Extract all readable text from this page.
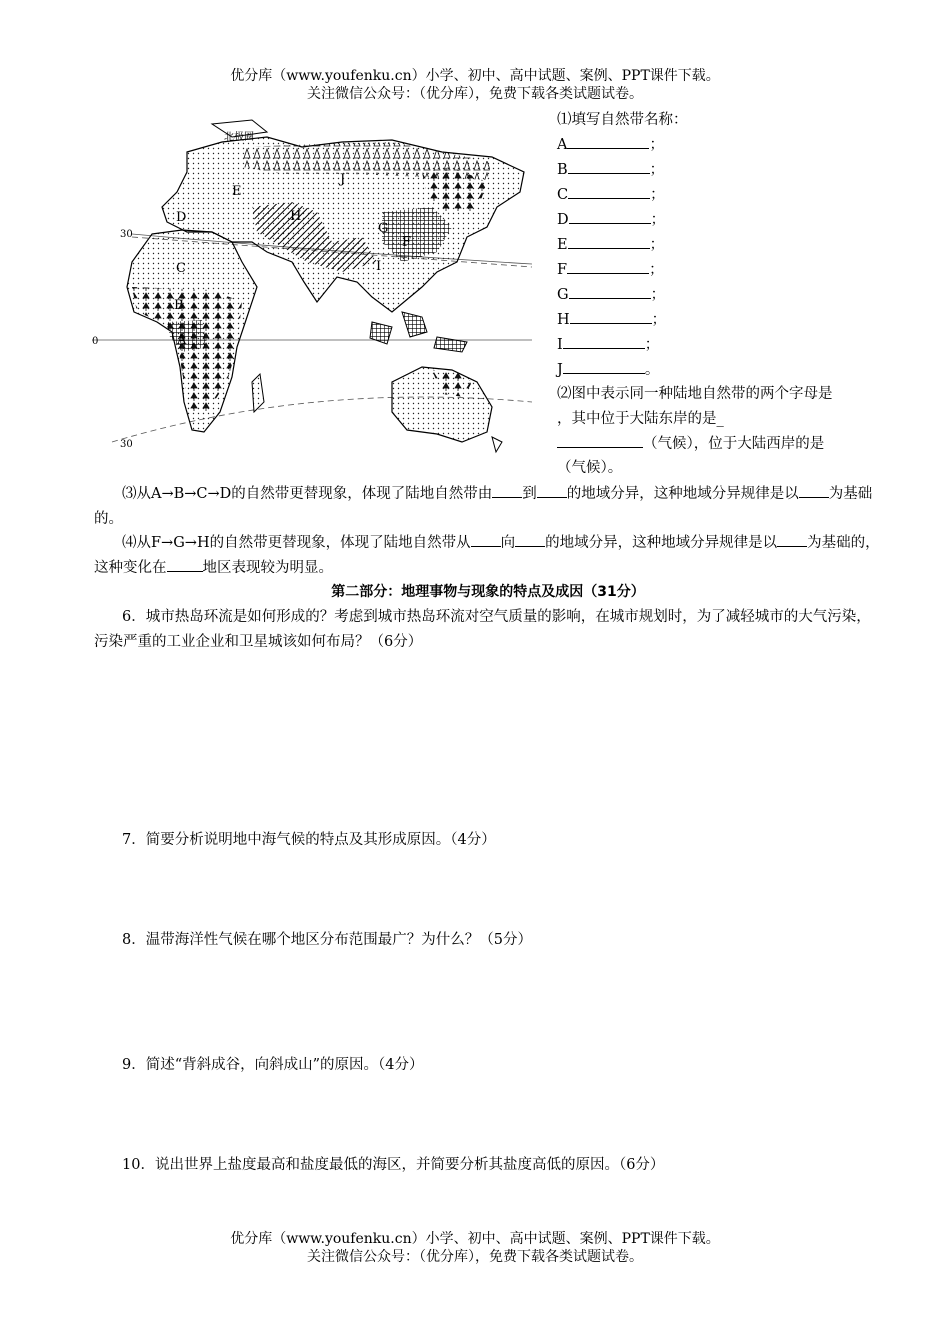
优分库（www.youfenku.cn）小学、初中、高中试题、案例、PPT课件下载。
关注微信公众号：（优分库），免费下载各类试题试卷。
北极圈
A
B
C
D
E
F
G
H
I
J
30
0
30
⑴填写自然带名称：
A	；
B	；
C	；
D	；
E	；
F	；
G	；
H	；
I	；
J	。
⑵图中表示同一种陆地自然带的两个字母是
，其中位于大陆东岸的是_
（气候），位于大陆西岸的是
（气候）。
⑶从A→B→C→D的自然带更替现象，体现了陆地自然带由 到 的地域分异，这种地域分异规律是以 为基础的。
⑷从F→G→H的自然带更替现象，体现了陆地自然带从 向 的地域分异，这种地域分异规律是以 为基础的，这种变化在 地区表现较为明显。
第二部分：地理事物与现象的特点及成因（31分）
6．城市热岛环流是如何形成的？考虑到城市热岛环流对空气质量的影响，在城市规划时，为了减轻城市的大气污染，污染严重的工业企业和卫星城该如何布局？（6分）
7．简要分析说明地中海气候的特点及其形成原因。（4分）
8．温带海洋性气候在哪个地区分布范围最广？为什么？（5分）
9．简述“背斜成谷，向斜成山”的原因。（4分）
10．说出世界上盐度最高和盐度最低的海区，并简要分析其盐度高低的原因。（6分）
优分库（www.youfenku.cn）小学、初中、高中试题、案例、PPT课件下载。
关注微信公众号：（优分库），免费下载各类试题试卷。
